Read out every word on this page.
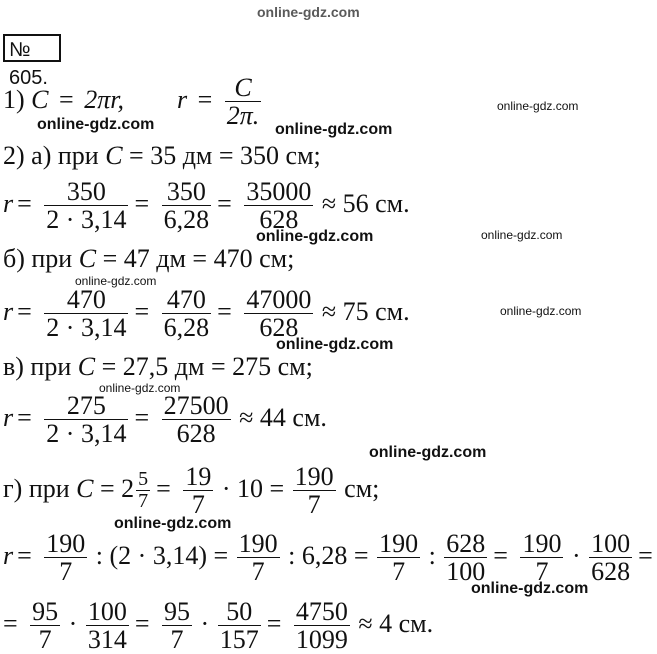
online-gdz.com
online-gdz.com
online-gdz.com	online-gdz.com
online-gdz.com	online-gdz.com
online-gdz.com
online-gdz.com
online-gdz.com
online-gdz.com
online-gdz.com
online-gdz.com
online-gdz.com
№ 605.
1) C = 2πr, $r = \frac{C}{2\pi.}$
2) а) при C = 35 дм = 350 см;
$r = \frac{350}{2 \cdot 3,14} = \frac{350}{6,28} = \frac{35000}{628} \approx 56$ см.
б) при C = 47 дм = 470 см;
$r = \frac{470}{2 \cdot 3,14} = \frac{470}{6,28} = \frac{47000}{628} \approx 75$ см.
в) при C = 27,5 дм = 275 см;
$r = \frac{275}{2 \cdot 3,14} = \frac{27500}{628} \approx 44$ см.
г) при $C = 2 \frac{5}{7} = \frac{19}{7} \cdot 10 = \frac{190}{7}$ см;
$r = \frac{190}{7}$ : $(2 \cdot 3,14) = \frac{190}{7}$ : $6,28 = \frac{190}{7}$ : $\frac{628}{100} = \frac{190}{7} \cdot \frac{100}{628}$ =
= $\frac{95}{7} \cdot \frac{100}{314} = \frac{95}{7} \cdot \frac{50}{157} = \frac{4750}{1099} \approx 4$ см.
